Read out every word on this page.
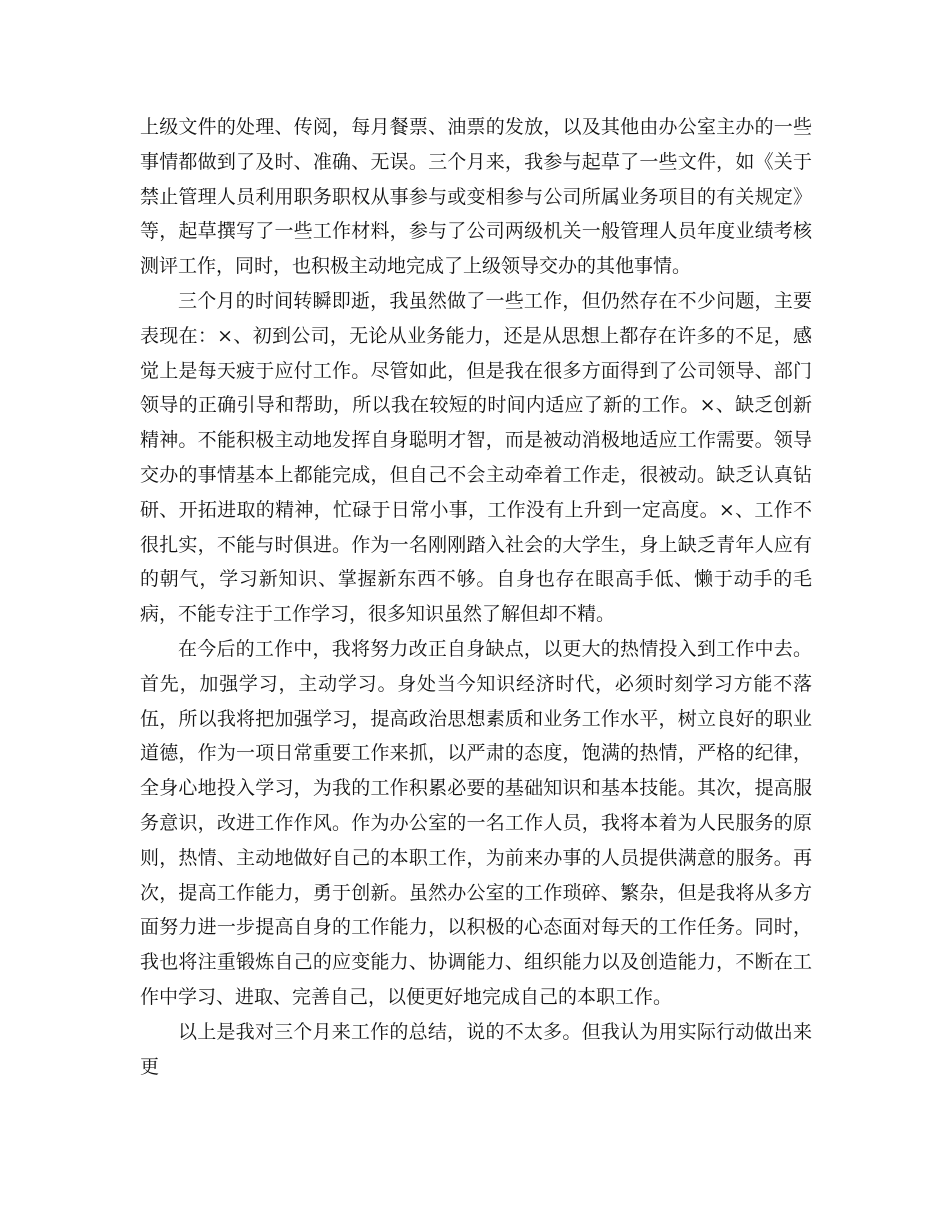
上级文件的处理、传阅，每月餐票、油票的发放，以及其他由办公室主办的一些事情都做到了及时、准确、无误。三个月来，我参与起草了一些文件，如《关于禁止管理人员利用职务职权从事参与或变相参与公司所属业务项目的有关规定》等，起草撰写了一些工作材料，参与了公司两级机关一般管理人员年度业绩考核测评工作，同时，也积极主动地完成了上级领导交办的其他事情。

三个月的时间转瞬即逝，我虽然做了一些工作，但仍然存在不少问题，主要表现在：×、初到公司，无论从业务能力，还是从思想上都存在许多的不足，感觉上是每天疲于应付工作。尽管如此，但是我在很多方面得到了公司领导、部门领导的正确引导和帮助，所以我在较短的时间内适应了新的工作。×、缺乏创新精神。不能积极主动地发挥自身聪明才智，而是被动消极地适应工作需要。领导交办的事情基本上都能完成，但自己不会主动牵着工作走，很被动。缺乏认真钻研、开拓进取的精神，忙碌于日常小事，工作没有上升到一定高度。×、工作不很扎实，不能与时俱进。作为一名刚刚踏入社会的大学生，身上缺乏青年人应有的朝气，学习新知识、掌握新东西不够。自身也存在眼高手低、懒于动手的毛病，不能专注于工作学习，很多知识虽然了解但却不精。

在今后的工作中，我将努力改正自身缺点，以更大的热情投入到工作中去。首先，加强学习，主动学习。身处当今知识经济时代，必须时刻学习方能不落伍，所以我将把加强学习，提高政治思想素质和业务工作水平，树立良好的职业道德，作为一项日常重要工作来抓，以严肃的态度，饱满的热情，严格的纪律，全身心地投入学习，为我的工作积累必要的基础知识和基本技能。其次，提高服务意识，改进工作作风。作为办公室的一名工作人员，我将本着为人民服务的原则，热情、主动地做好自己的本职工作，为前来办事的人员提供满意的服务。再次，提高工作能力，勇于创新。虽然办公室的工作琐碎、繁杂，但是我将从多方面努力进一步提高自身的工作能力，以积极的心态面对每天的工作任务。同时，我也将注重锻炼自己的应变能力、协调能力、组织能力以及创造能力，不断在工作中学习、进取、完善自己，以便更好地完成自己的本职工作。

以上是我对三个月来工作的总结，说的不太多。但我认为用实际行动做出来更
